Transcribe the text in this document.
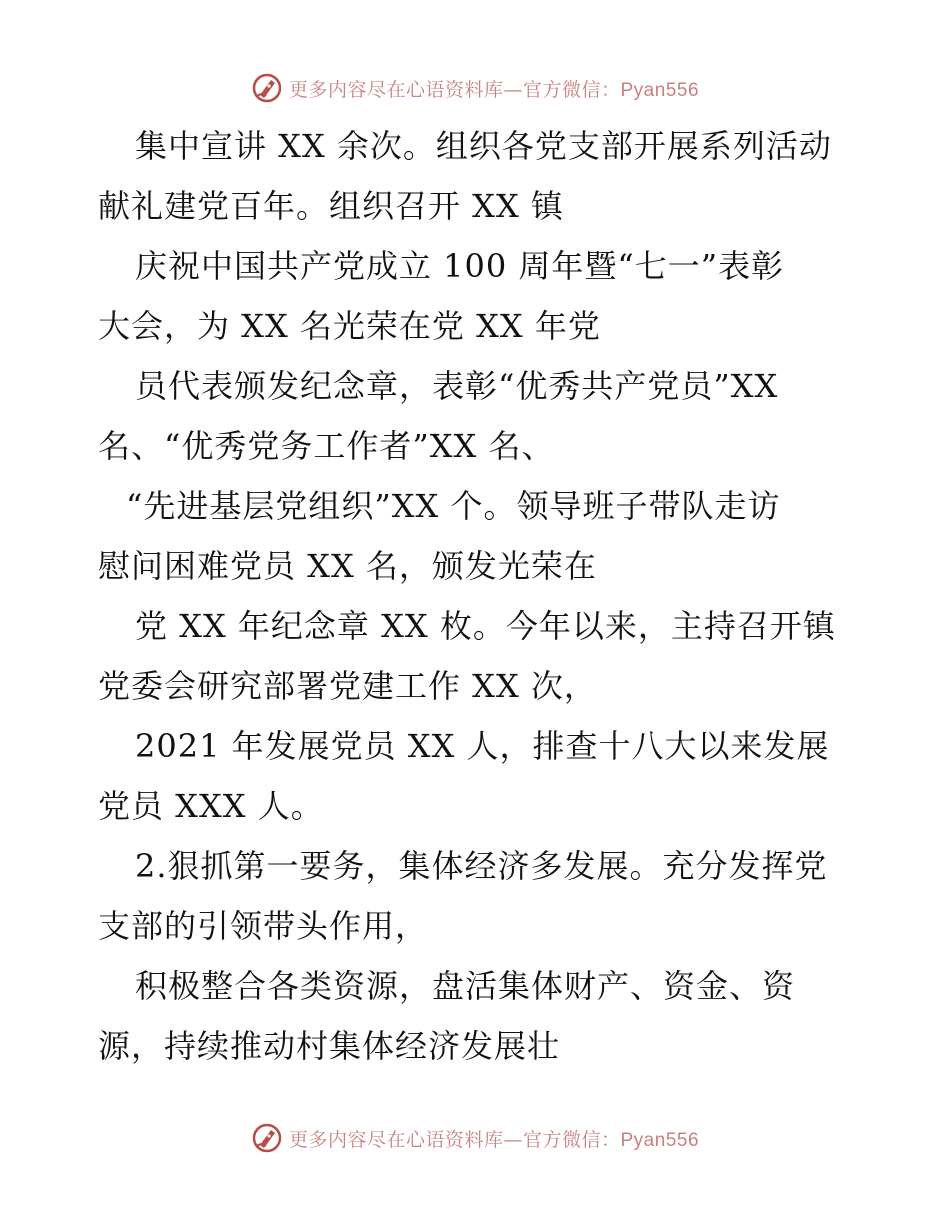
更多内容尽在心语资料库—官方微信：Pyan556

集中宣讲 XX 余次。组织各党支部开展系列活动

献礼建党百年。组织召开 XX 镇

庆祝中国共产党成立 100 周年暨“七一”表彰

大会，为 XX 名光荣在党 XX 年党

员代表颁发纪念章，表彰“优秀共产党员”XX

名、“优秀党务工作者”XX 名、

“先进基层党组织”XX 个。领导班子带队走访

慰问困难党员 XX 名，颁发光荣在

党 XX 年纪念章 XX 枚。今年以来，主持召开镇

党委会研究部署党建工作 XX 次，

2021 年发展党员 XX 人，排查十八大以来发展

党员 XXX 人。

2.狠抓第一要务，集体经济多发展。充分发挥党

支部的引领带头作用，

积极整合各类资源，盘活集体财产、资金、资

源，持续推动村集体经济发展壮

更多内容尽在心语资料库—官方微信：Pyan556
